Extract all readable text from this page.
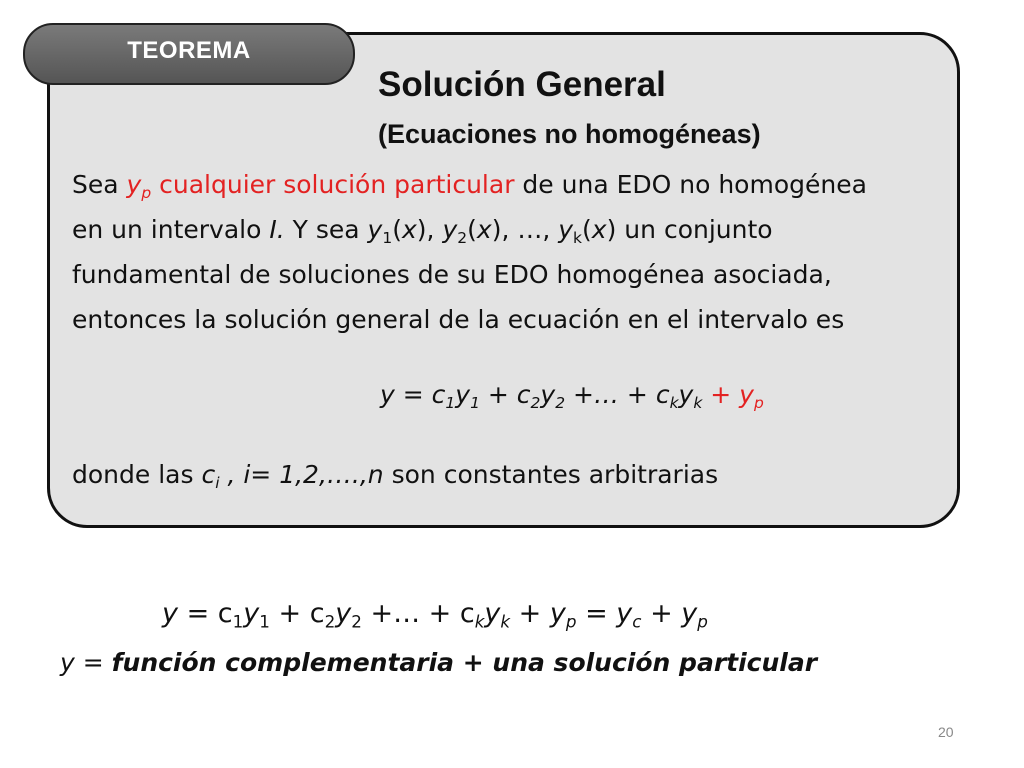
TEOREMA
Solución General
(Ecuaciones no homogéneas)
Sea $y_p$ cualquier solución particular de una EDO no homogénea
en un intervalo I. Y sea $y_1(x)$, $y_2(x)$, …, $y_k(x)$ un conjunto
fundamental de soluciones de su EDO homogénea asociada,
entonces la solución general de la ecuación en el intervalo es
$y = c_1y_1 + c_2y_2$ +… + $c_ky_k + y_p$
donde las $c_i$ , i= 1,2,….,n son constantes arbitrarias
$y = c_1y_1 + c_2y_2$ +… + $c_ky_k + y_p = y_c + y_p$
y = función complementaria + una solución particular
20
